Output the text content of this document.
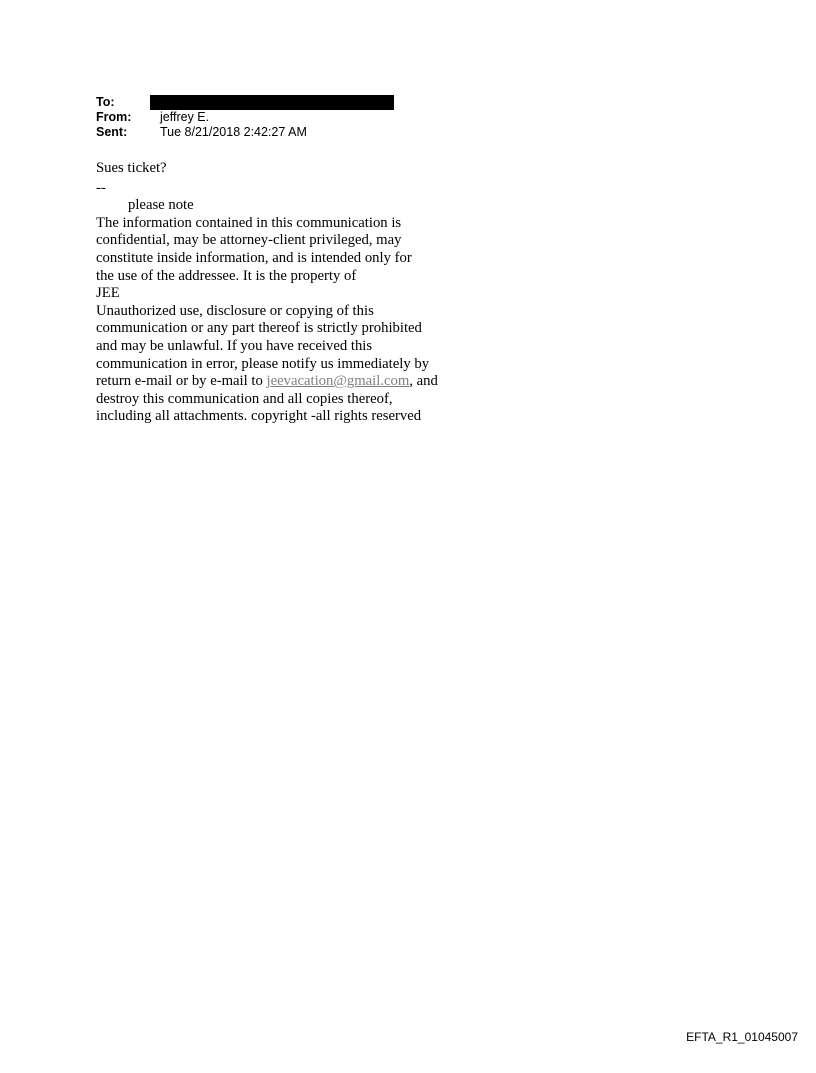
To:
From:	jeffrey E.
Sent:	Tue 8/21/2018 2:42:27 AM

Sues ticket?

--

please note

The information contained in this communication is

confidential, may be attorney-client privileged, may

constitute inside information, and is intended only for

the use of the addressee. It is the property of

JEE

Unauthorized use, disclosure or copying of this

communication or any part thereof is strictly prohibited

and may be unlawful. If you have received this

communication in error, please notify us immediately by

return e-mail or by e-mail to jeevacation@gmail.com, and

destroy this communication and all copies thereof,

including all attachments. copyright -all rights reserved

EFTA_R1_01045007
